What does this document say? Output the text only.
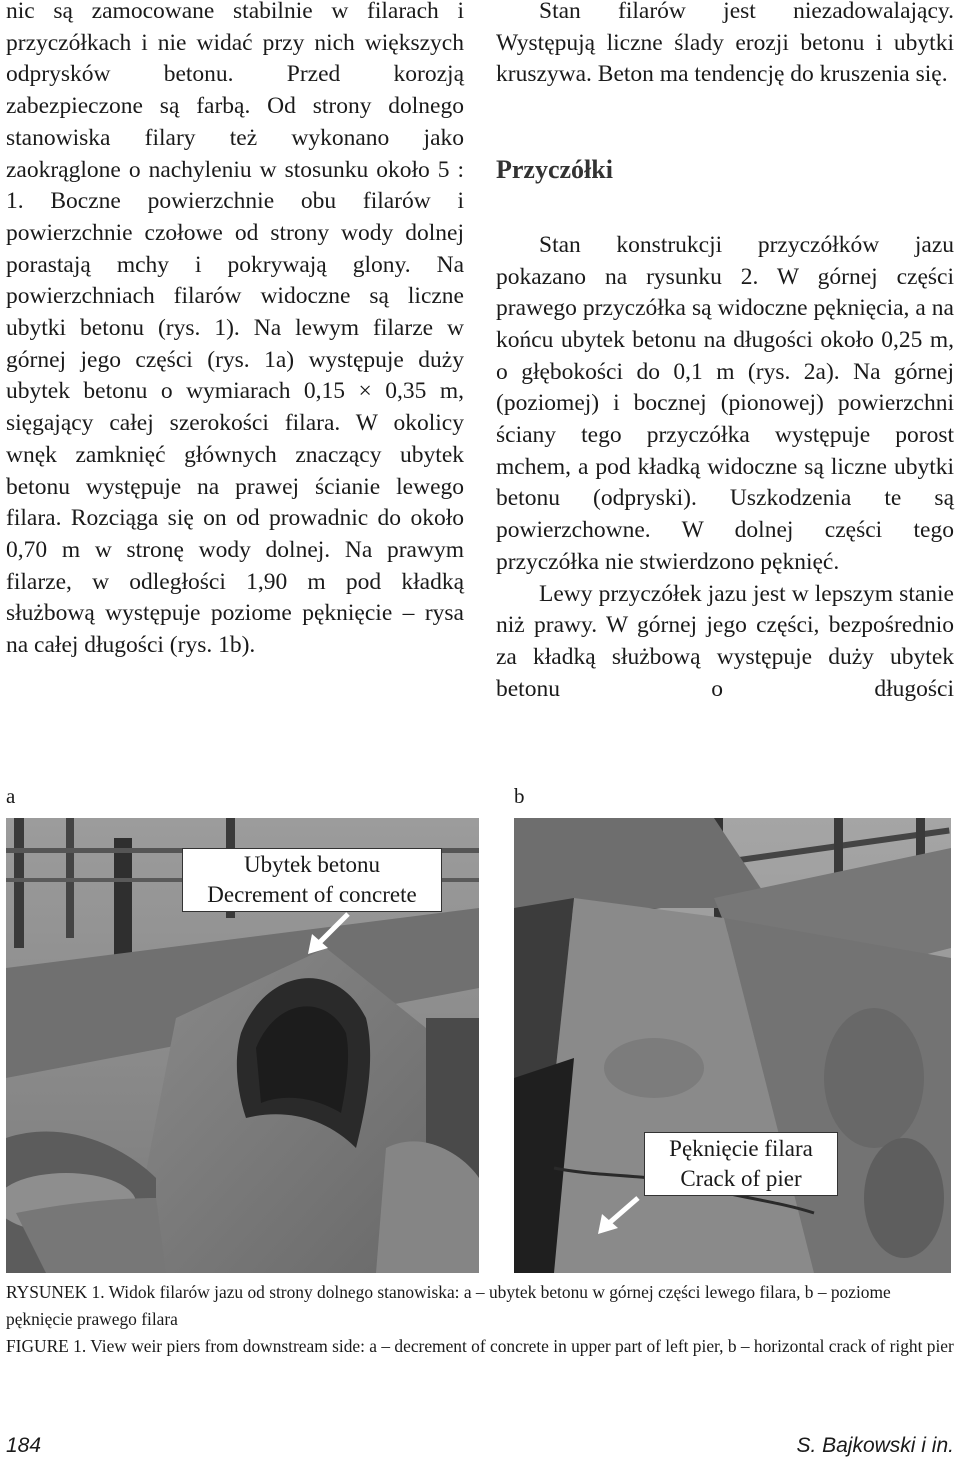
nic są zamocowane stabilnie w filarach i przyczółkach i nie widać przy nich większych odprysków betonu. Przed korozją zabezpieczone są farbą. Od strony dolnego stanowiska filary też wykonano jako zaokrąglone o nachyleniu w stosunku około 5 : 1. Boczne powierzchnie obu filarów i powierzchnie czołowe od strony wody dolnej porastają mchy i pokrywają glony. Na powierzchniach filarów widoczne są liczne ubytki betonu (rys. 1). Na lewym filarze w górnej jego części (rys. 1a) występuje duży ubytek betonu o wymiarach 0,15 × 0,35 m, sięgający całej szerokości filara. W okolicy wnęk zamknięć głównych znaczący ubytek betonu występuje na prawej ścianie lewego filara. Rozciąga się on od prowadnic do około 0,70 m w stronę wody dolnej. Na prawym filarze, w odległości 1,90 m pod kładką służbową występuje poziome pęknięcie – rysa na całej długości (rys. 1b).

Stan filarów jest niezadowalający. Występują liczne ślady erozji betonu i ubytki kruszywa. Beton ma tendencję do kruszenia się.

Przyczółki

Stan konstrukcji przyczółków jazu pokazano na rysunku 2. W górnej części prawego przyczółka są widoczne pęknięcia, a na końcu ubytek betonu na długości około 0,25 m, o głębokości do 0,1 m (rys. 2a). Na górnej (poziomej) i bocznej (pionowej) powierzchni ściany tego przyczółka występuje porost mchem, a pod kładką widoczne są liczne ubytki betonu (odpryski). Uszkodzenia te są powierzchowne. W dolnej części tego przyczółka nie stwierdzono pęknięć.

Lewy przyczółek jazu jest w lepszym stanie niż prawy. W górnej jego części, bezpośrednio za kładką służbową występuje duży ubytek betonu o długości

a	b
Ubytek betonu
Decrement of concrete
Pęknięcie filara
Crack of pier
RYSUNEK 1. Widok filarów jazu od strony dolnego stanowiska: a – ubytek betonu w górnej części lewego filara, b – poziome pęknięcie prawego filara
FIGURE 1. View weir piers from downstream side: a – decrement of concrete in upper part of left pier, b – horizontal crack of right pier
184	S. Bajkowski i in.
